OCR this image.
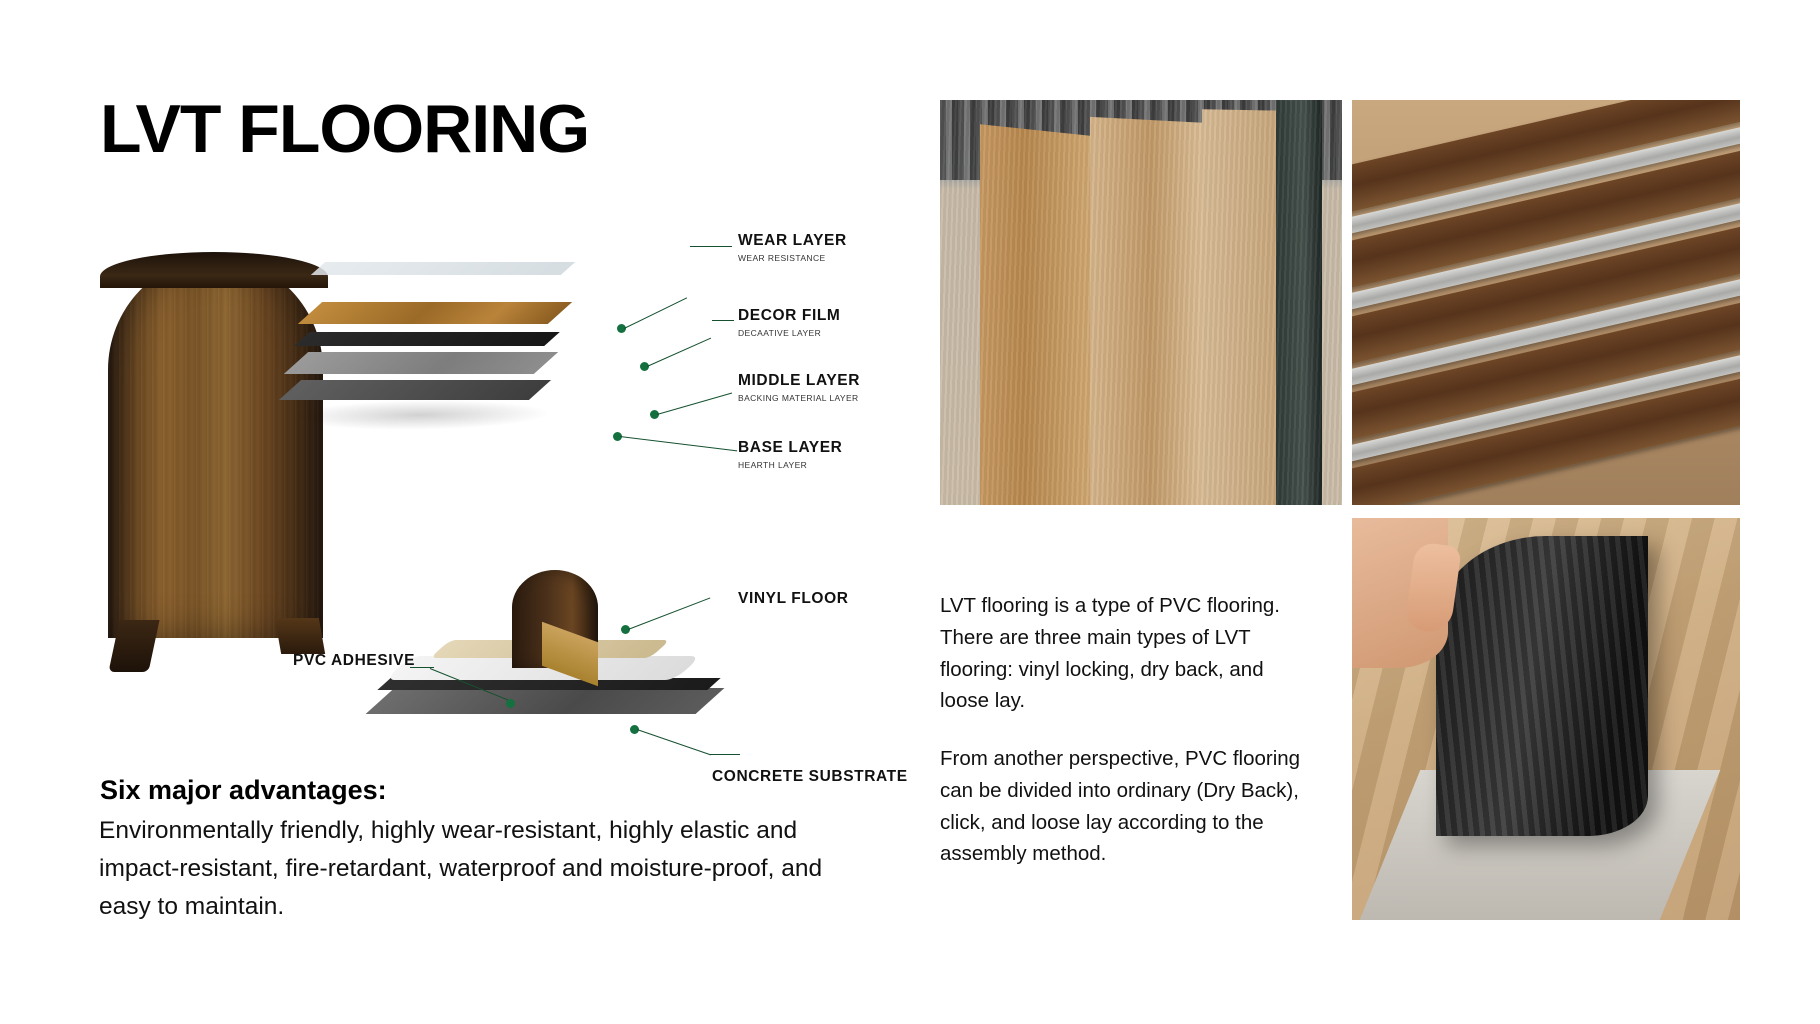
LVT FLOORING
WEAR LAYER
WEAR RESISTANCE
DECOR FILM
DECAATIVE LAYER
MIDDLE LAYER
BACKING MATERIAL LAYER
BASE LAYER
HEARTH LAYER
VINYL FLOOR
PVC ADHESIVE
CONCRETE SUBSTRATE
Six major advantages:
Environmentally friendly, highly wear-resistant, highly elastic and impact-resistant, fire-retardant, waterproof and moisture-proof, and easy to maintain.

LVT flooring is a type of PVC flooring. There are three main types of LVT flooring: vinyl locking, dry back, and loose lay.

From another perspective, PVC flooring can be divided into ordinary (Dry Back), click, and loose lay according to the assembly method.
